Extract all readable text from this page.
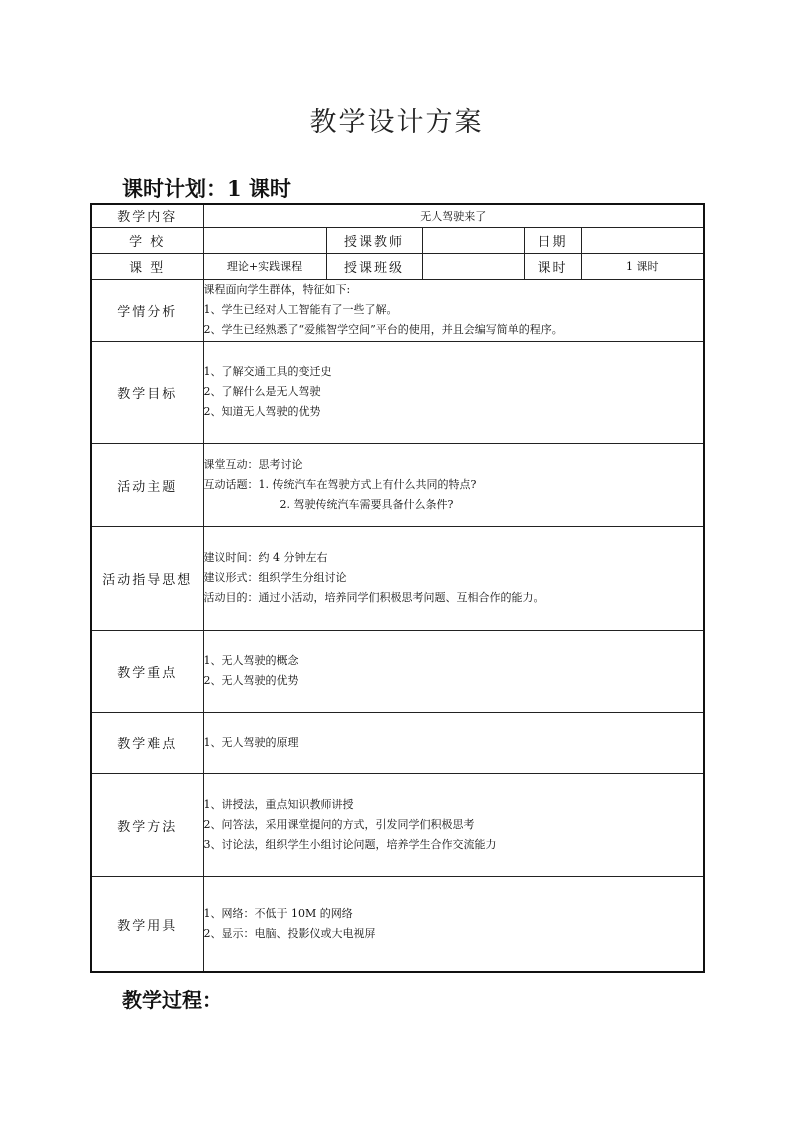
教学设计方案
课时计划：1 课时
教学内容	无人驾驶来了				
学 校		授课教师		日期	
课 型	理论+实践课程	授课班级		课时	1 课时
学情分析	课程面向学生群体，特征如下:
1、学生已经对人工智能有了一些了解。
2、学生已经熟悉了“爱熊智学空间”平台的使用，并且会编写简单的程序。				

教学目标	1、了解交通工具的变迁史
2、了解什么是无人驾驶
2、知道无人驾驶的优势				

活动主题	课堂互动：思考讨论
互动话题：1. 传统汽车在驾驶方式上有什么共同的特点?
2. 驾驶传统汽车需要具备什么条件?				

活动指导思想	建议时间：约 4 分钟左右
建议形式：组织学生分组讨论
活动目的：通过小活动，培养同学们积极思考问题、互相合作的能力。				

教学重点	1、无人驾驶的概念
2、无人驾驶的优势				

教学难点	1、无人驾驶的原理				

教学方法	1、讲授法，重点知识教师讲授
2、问答法，采用课堂提问的方式，引发同学们积极思考
3、讨论法，组织学生小组讨论问题，培养学生合作交流能力				

教学用具	1、网络：不低于 10M 的网络
2、显示：电脑、投影仪或大电视屏				
教学过程：
